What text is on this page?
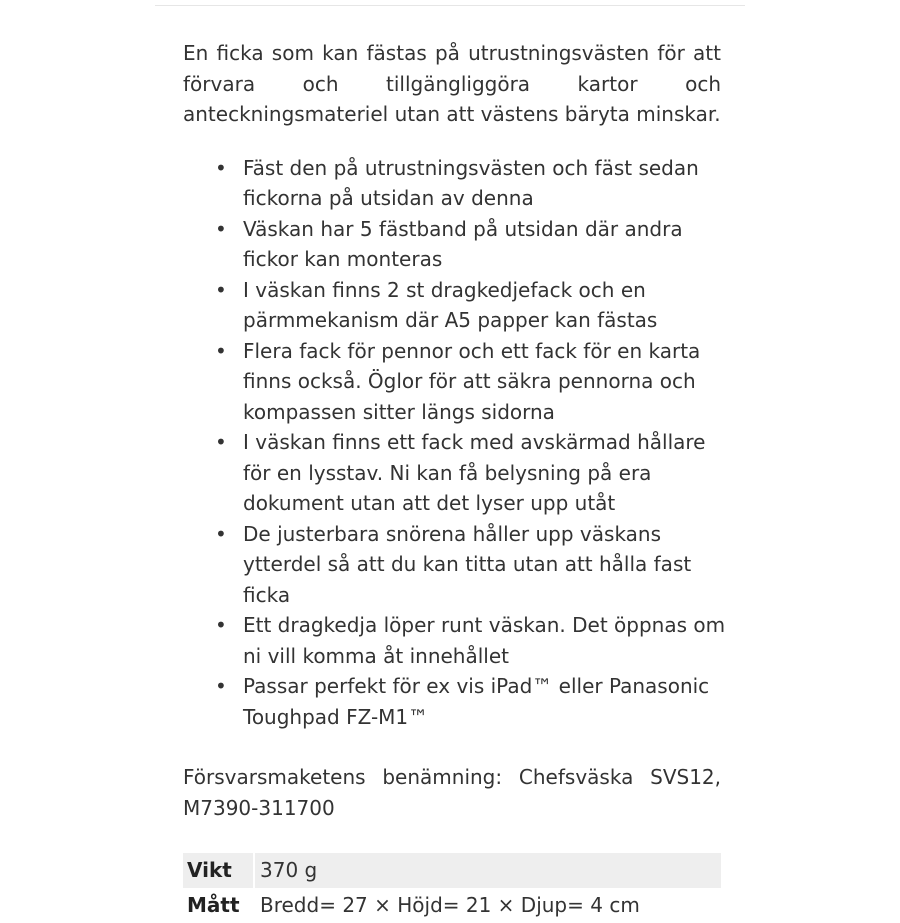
En ficka som kan fästas på utrustningsvästen för att förvara och tillgängliggöra kartor och anteckningsmateriel utan att västens bäryta minskar.

• Fäst den på utrustningsvästen och fäst sedan fickorna på utsidan av denna
• Väskan har 5 fästband på utsidan där andra fickor kan monteras
• I väskan finns 2 st dragkedjefack och en pärmmekanism där A5 papper kan fästas
• Flera fack för pennor och ett fack för en karta finns också. Öglor för att säkra pennorna och kompassen sitter längs sidorna
• I väskan finns ett fack med avskärmad hållare för en lysstav. Ni kan få belysning på era dokument utan att det lyser upp utåt
• De justerbara snörena håller upp väskans ytterdel så att du kan titta utan att hålla fast ficka
• Ett dragkedja löper runt väskan. Det öppnas om ni vill komma åt innehållet
• Passar perfekt för ex vis iPad™ eller Panasonic Toughpad FZ-M1™

Försvarsmaketens benämning: Chefsväska SVS12, M7390-311700

Vikt	370 g
Mått	Bredd= 27 × Höjd= 21 × Djup= 4 cm
